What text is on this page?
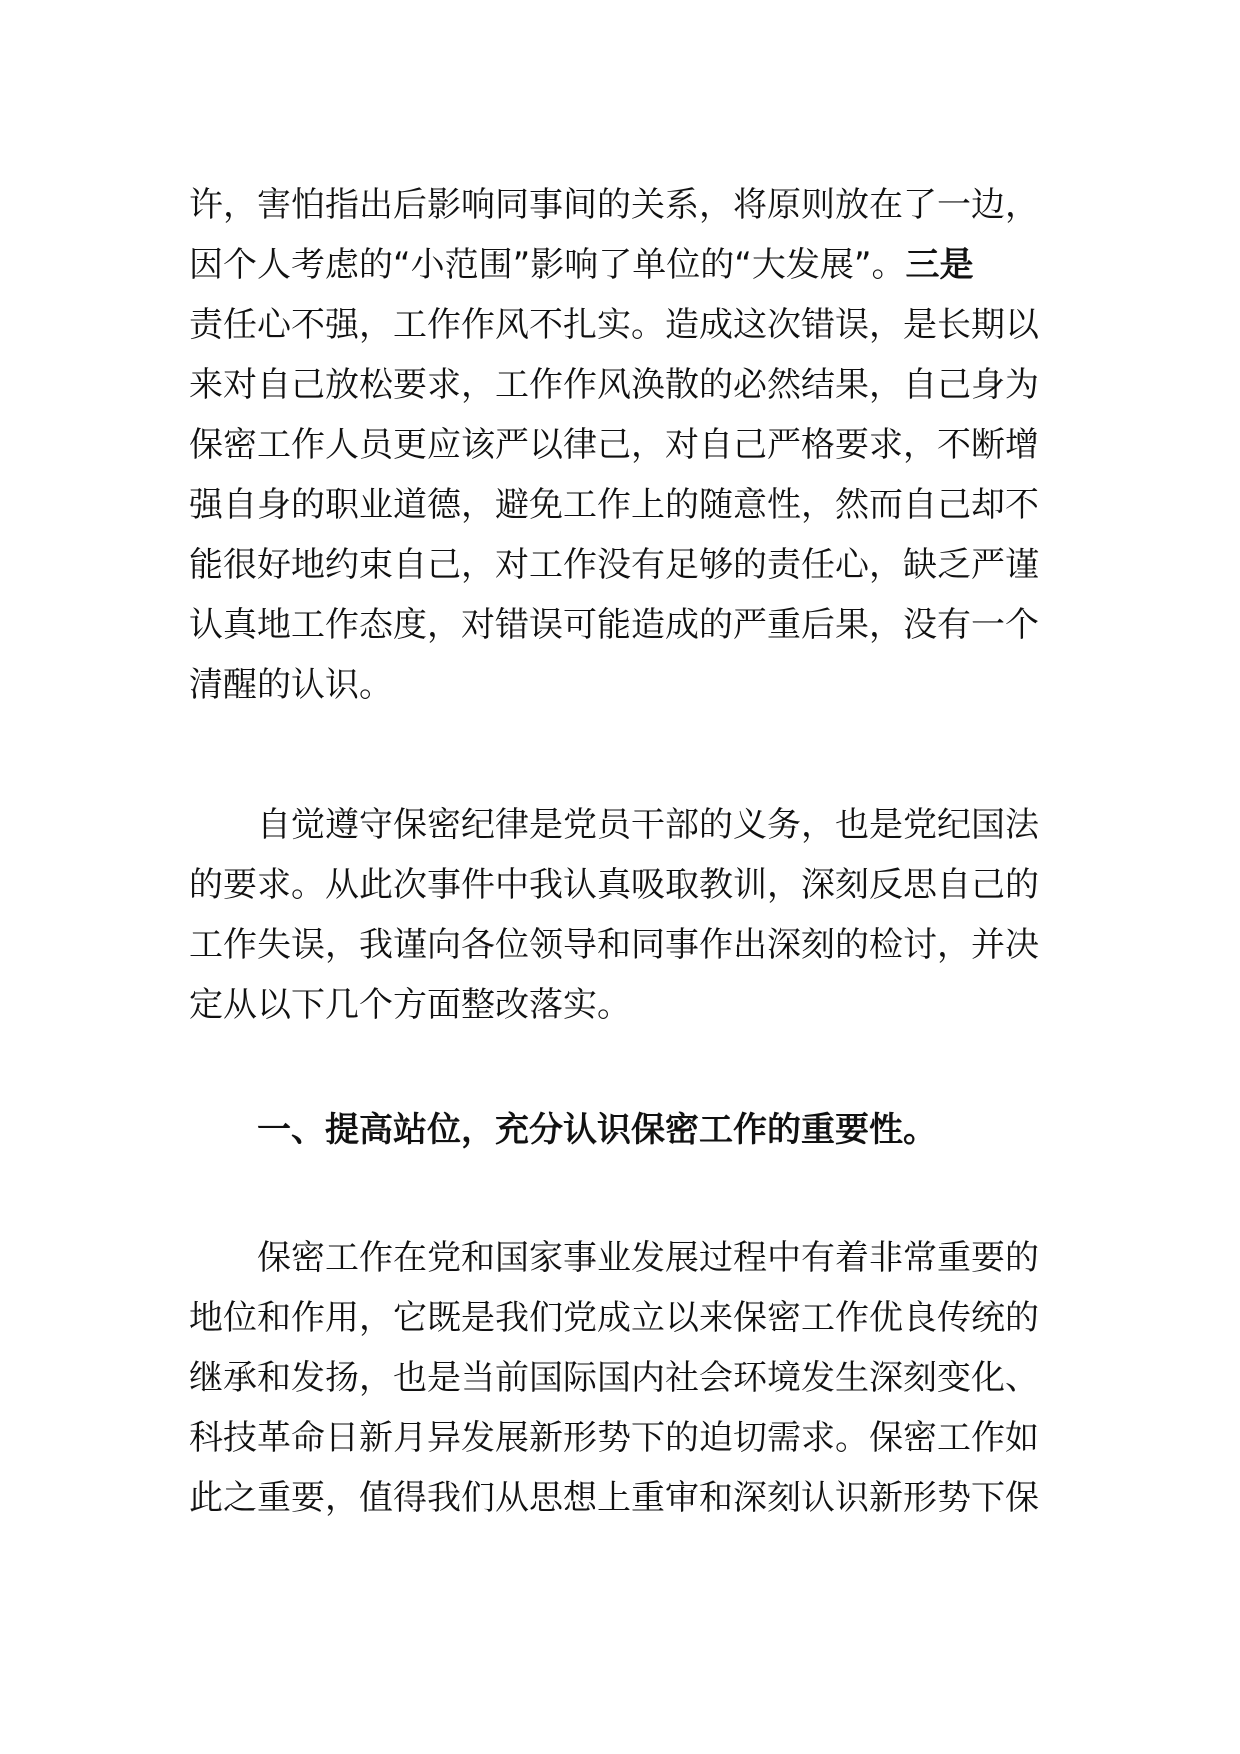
许，害怕指出后影响同事间的关系，将原则放在了一边，
因个人考虑的“小范围”影响了单位的“大发展”。三是
责任心不强，工作作风不扎实。造成这次错误，是长期以
来对自己放松要求，工作作风涣散的必然结果，自己身为
保密工作人员更应该严以律己，对自己严格要求，不断增
强自身的职业道德，避免工作上的随意性，然而自己却不
能很好地约束自己，对工作没有足够的责任心，缺乏严谨
认真地工作态度，对错误可能造成的严重后果，没有一个
清醒的认识。
自觉遵守保密纪律是党员干部的义务，也是党纪国法
的要求。从此次事件中我认真吸取教训，深刻反思自己的
工作失误，我谨向各位领导和同事作出深刻的检讨，并决
定从以下几个方面整改落实。
一、提高站位，充分认识保密工作的重要性。
保密工作在党和国家事业发展过程中有着非常重要的
地位和作用，它既是我们党成立以来保密工作优良传统的
继承和发扬，也是当前国际国内社会环境发生深刻变化、
科技革命日新月异发展新形势下的迫切需求。保密工作如
此之重要，值得我们从思想上重审和深刻认识新形势下保
